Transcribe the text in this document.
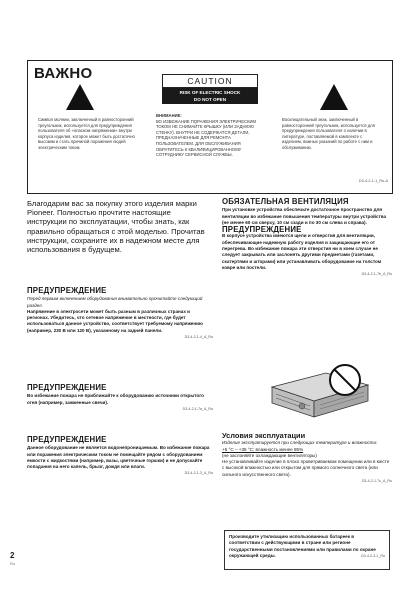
ВАЖНО
ϟ
Символ молнии, заключенный в равносторонний треугольник, используется для предупреждения пользователя об «опасном напряжении» внутри корпуса изделия, которое может быть достаточно высоким и стать причиной поражения людей электрическим током.
CAUTION
RISK OF ELECTRIC SHOCK
DO NOT OPEN
ВНИМАНИЕ:
ВО ИЗБЕЖАНИЕ ПОРАЖЕНИЯ ЭЛЕКТРИЧЕСКИМ ТОКОМ НЕ СНИМАЙТЕ КРЫШКУ (ИЛИ ЗАДНЮЮ СТЕНКУ). ВНУТРИ НЕ СОДЕРЖАТСЯ ДЕТАЛИ, ПРЕДНАЗНАЧЕННЫЕ ДЛЯ РЕМОНТА ПОЛЬЗОВАТЕЛЕМ. ДЛЯ ОБСЛУЖИВАНИЯ ОБРАТИТЕСЬ К КВАЛИФИЦИРОВАННОМУ СОТРУДНИКУ СЕРВИСНОЙ СЛУЖБЫ.
!
Восклицательный знак, заключенный в равносторонний треугольник, используется для предупреждения пользователя о наличии в литературе, поставляемой в комплекте с изделием, важных указаний по работе с ним и обслуживанию.
D3-4-2-1-1_Ru-A
Благодарим вас за покупку этого изделия марки Pioneer. Полностью прочтите настоящие инструкции по эксплуатации, чтобы знать, как правильно обращаться с этой моделью. Прочитав инструкции, сохраните их в надежном месте для использования в будущем.
ПРЕДУПРЕЖДЕНИЕ
Перед первым включением оборудования внимательно прочитайте следующий раздел.
Напряжение в электросети может быть разным в различных странах и регионах. Убедитесь, что сетевое напряжение в местности, где будет использоваться данное устройство, соответствует требуемому напряжению (например, 230 В или 120 В), указанному на задней панели.
D3-4-2-1-4_A_Ru
ПРЕДУПРЕЖДЕНИЕ
Во избежание пожара не приближайте к оборудованию источники открытого огня (например, зажженные свечи).
D3-4-2-1-7a_A_Ru
ПРЕДУПРЕЖДЕНИЕ
Данное оборудование не является водонепроницаемым. Во избежание пожара или поражения электрическим током не помещайте рядом с оборудованием емкости с жидкостями (например, вазы, цветочные горшки) и не допускайте попадания на него капель, брызг, дождя или влаги.
D3-4-2-1-3_A_Ru
ОБЯЗАТЕЛЬНАЯ ВЕНТИЛЯЦИЯ
При установке устройства обеспечьте достаточное пространство для вентиляции во избежание повышения температуры внутри устройства (не менее 60 см сверху, 10 см сзади и по 30 см слева и справа).
ПРЕДУПРЕЖДЕНИЕ
В корпусе устройства имеются щели и отверстия для вентиляции, обеспечивающие надежную работу изделия и защищающие его от перегрева. Во избежание пожара эти отверстия ни в коем случае не следует закрывать или заслонять другими предметами (газетами, скатертями и шторами) или устанавливать оборудование на толстом ковре или постели.
D3-4-2-1-7b_A_Ru
Условия эксплуатации
Изделие эксплуатируется при следующих температуре и влажности:
+5 °C – +35 °C; влажность менее 85%
(не заслоняйте охлаждающие вентиляторы)
Не устанавливайте изделие в плохо проветриваемом помещении или в месте с высокой влажностью или открытом для прямого солнечного света (или сильного искусственного света).
D3-4-2-1-7c_A_Ru
Производите утилизацию использованных батареек в соответствии с действующими в стране или регионе государственными постановлениями или правилами по охране окружающей среды.	D3-4-2-3-1_Ru
2
Ru
